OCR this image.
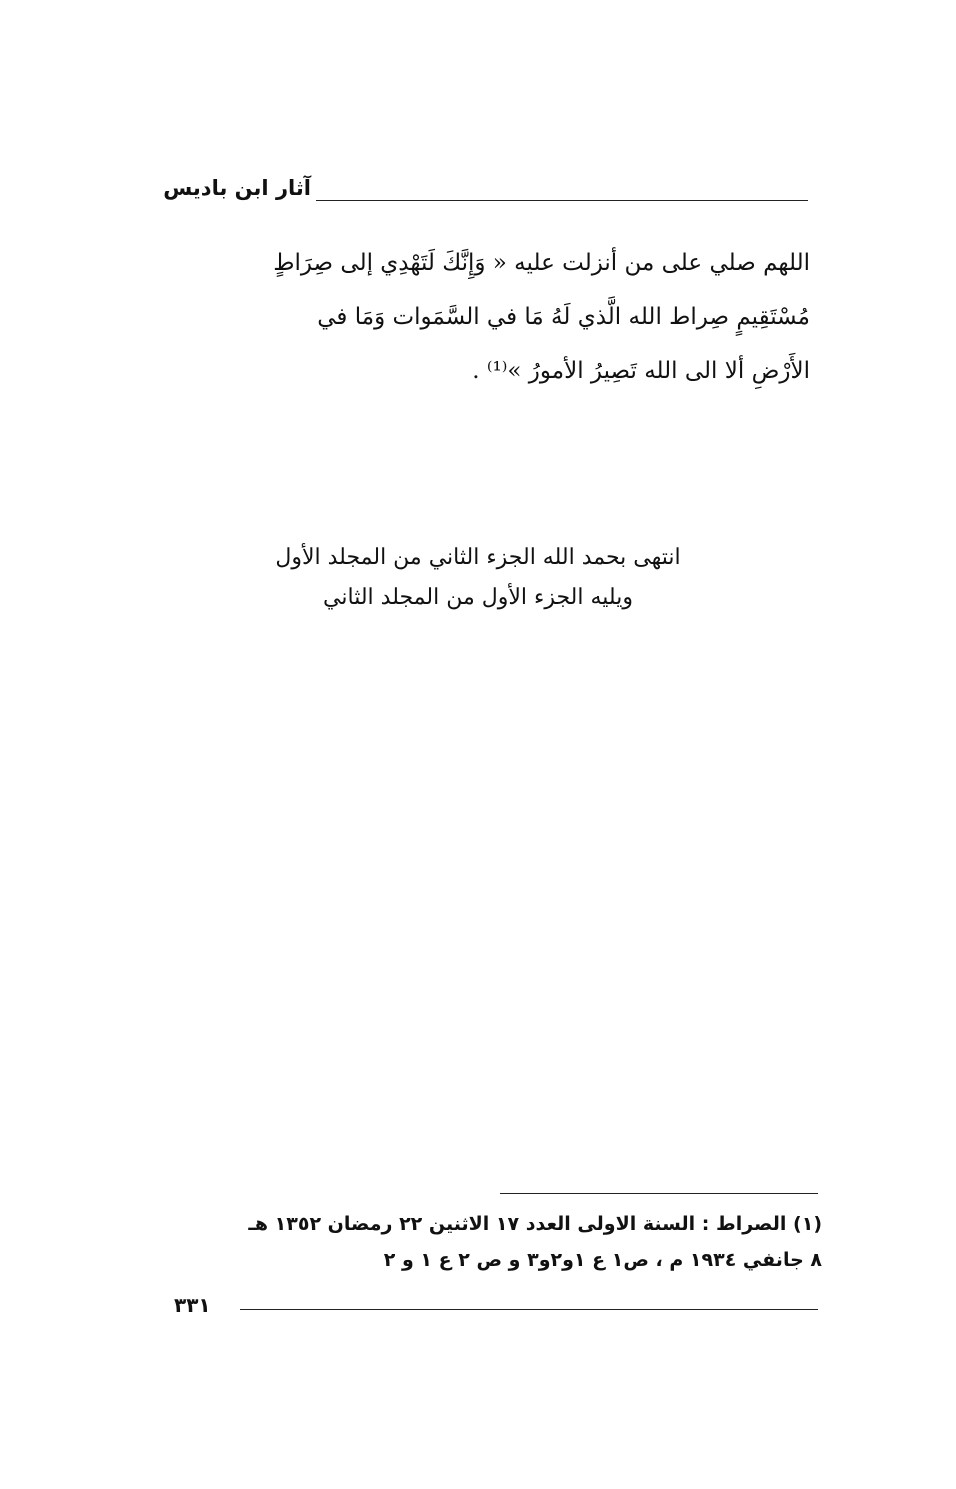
آثار ابن باديس
اللهم صلي على من أنزلت عليه « وَإِنَّكَ لَتَهْدِي إلى صِرَاطٍ
مُسْتَقِيمٍ صِراط الله الَّذي لَهُ مَا في السَّمَوات وَمَا في
الأَرْضِ ألا الى الله تَصِيرُ الأمورُ »⁽¹⁾ .
انتهى بحمد الله الجزء الثاني من المجلد الأول
ويليه الجزء الأول من المجلد الثاني
(١) الصراط : السنة الاولى العدد ١٧ الاثنين ٢٢ رمضان ١٣٥٢ هـ
٨ جانفي ١٩٣٤ م ، ص١ ع ١و٢و٣ و ص ٢ ع ١ و ٢
٣٣١
